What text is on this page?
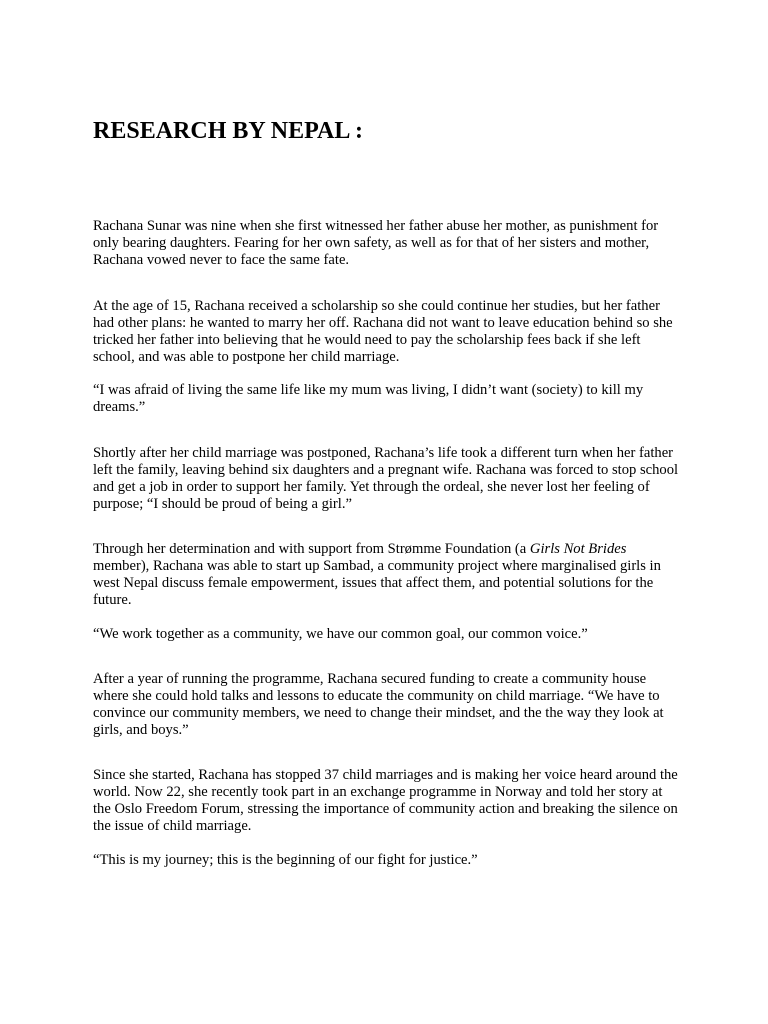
RESEARCH BY NEPAL :

Rachana Sunar was nine when she first witnessed her father abuse her mother, as punishment for only bearing daughters. Fearing for her own safety, as well as for that of her sisters and mother, Rachana vowed never to face the same fate.

At the age of 15, Rachana received a scholarship so she could continue her studies, but her father had other plans: he wanted to marry her off. Rachana did not want to leave education behind so she tricked her father into believing that he would need to pay the scholarship fees back if she left school, and was able to postpone her child marriage.

“I was afraid of living the same life like my mum was living, I didn’t want (society) to kill my dreams.”

Shortly after her child marriage was postponed, Rachana’s life took a different turn when her father left the family, leaving behind six daughters and a pregnant wife. Rachana was forced to stop school and get a job in order to support her family. Yet through the ordeal, she never lost her feeling of purpose; “I should be proud of being a girl.”

Through her determination and with support from Strømme Foundation (a Girls Not Brides member), Rachana was able to start up Sambad, a community project where marginalised girls in west Nepal discuss female empowerment, issues that affect them, and potential solutions for the future.

“We work together as a community, we have our common goal, our common voice.”

After a year of running the programme, Rachana secured funding to create a community house where she could hold talks and lessons to educate the community on child marriage. “We have to convince our community members, we need to change their mindset, and the the way they look at girls, and boys.”

Since she started, Rachana has stopped 37 child marriages and is making her voice heard around the world. Now 22, she recently took part in an exchange programme in Norway and told her story at the Oslo Freedom Forum, stressing the importance of community action and breaking the silence on the issue of child marriage.

“This is my journey; this is the beginning of our fight for justice.”
